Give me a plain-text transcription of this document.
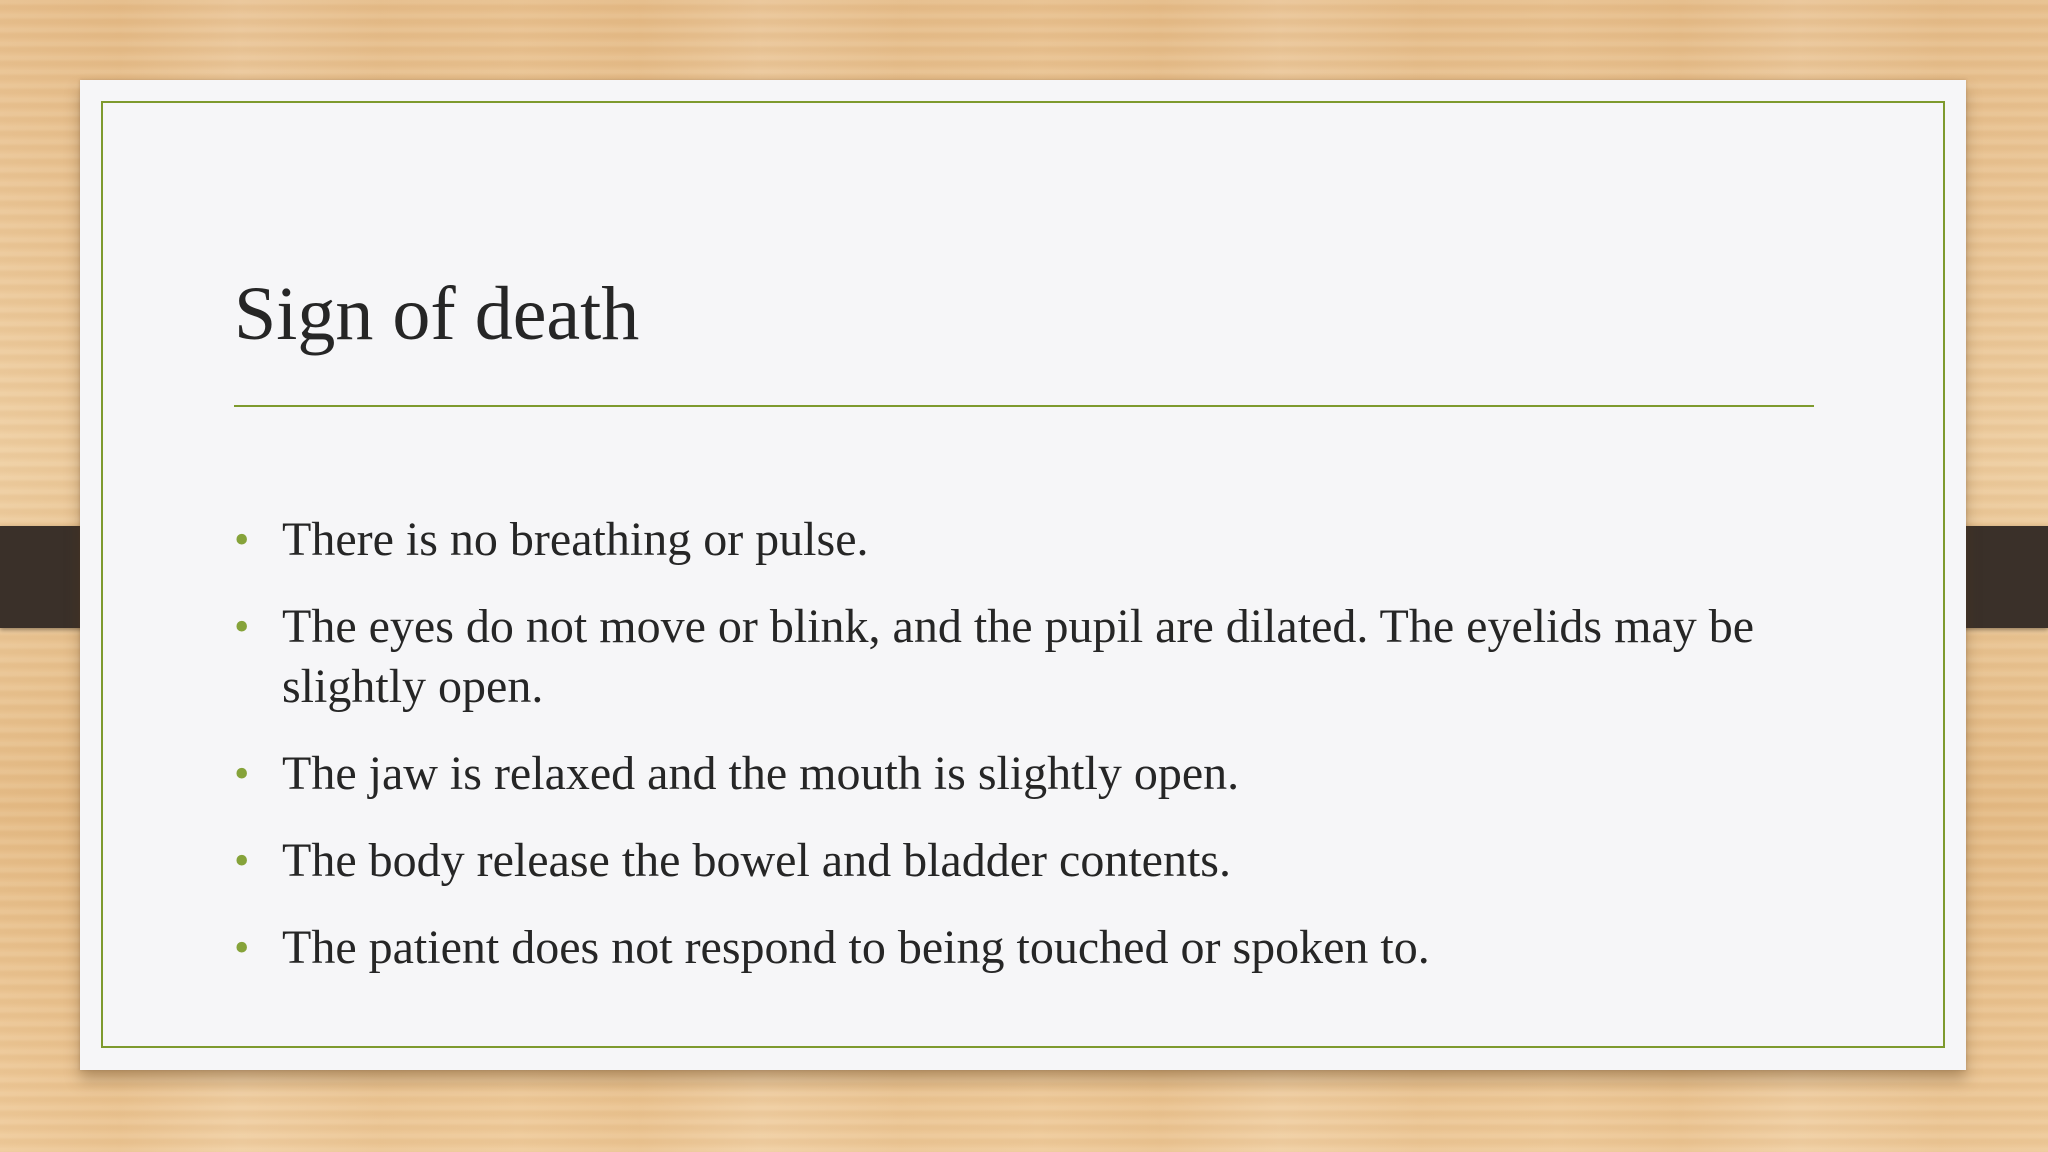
Sign of death
• There is no breathing or pulse.
• The eyes do not move or blink, and the pupil are dilated. The eyelids may be slightly open.
• The jaw is relaxed and the mouth is slightly open.
• The body release the bowel and bladder contents.
• The patient does not respond to being touched or spoken to.
